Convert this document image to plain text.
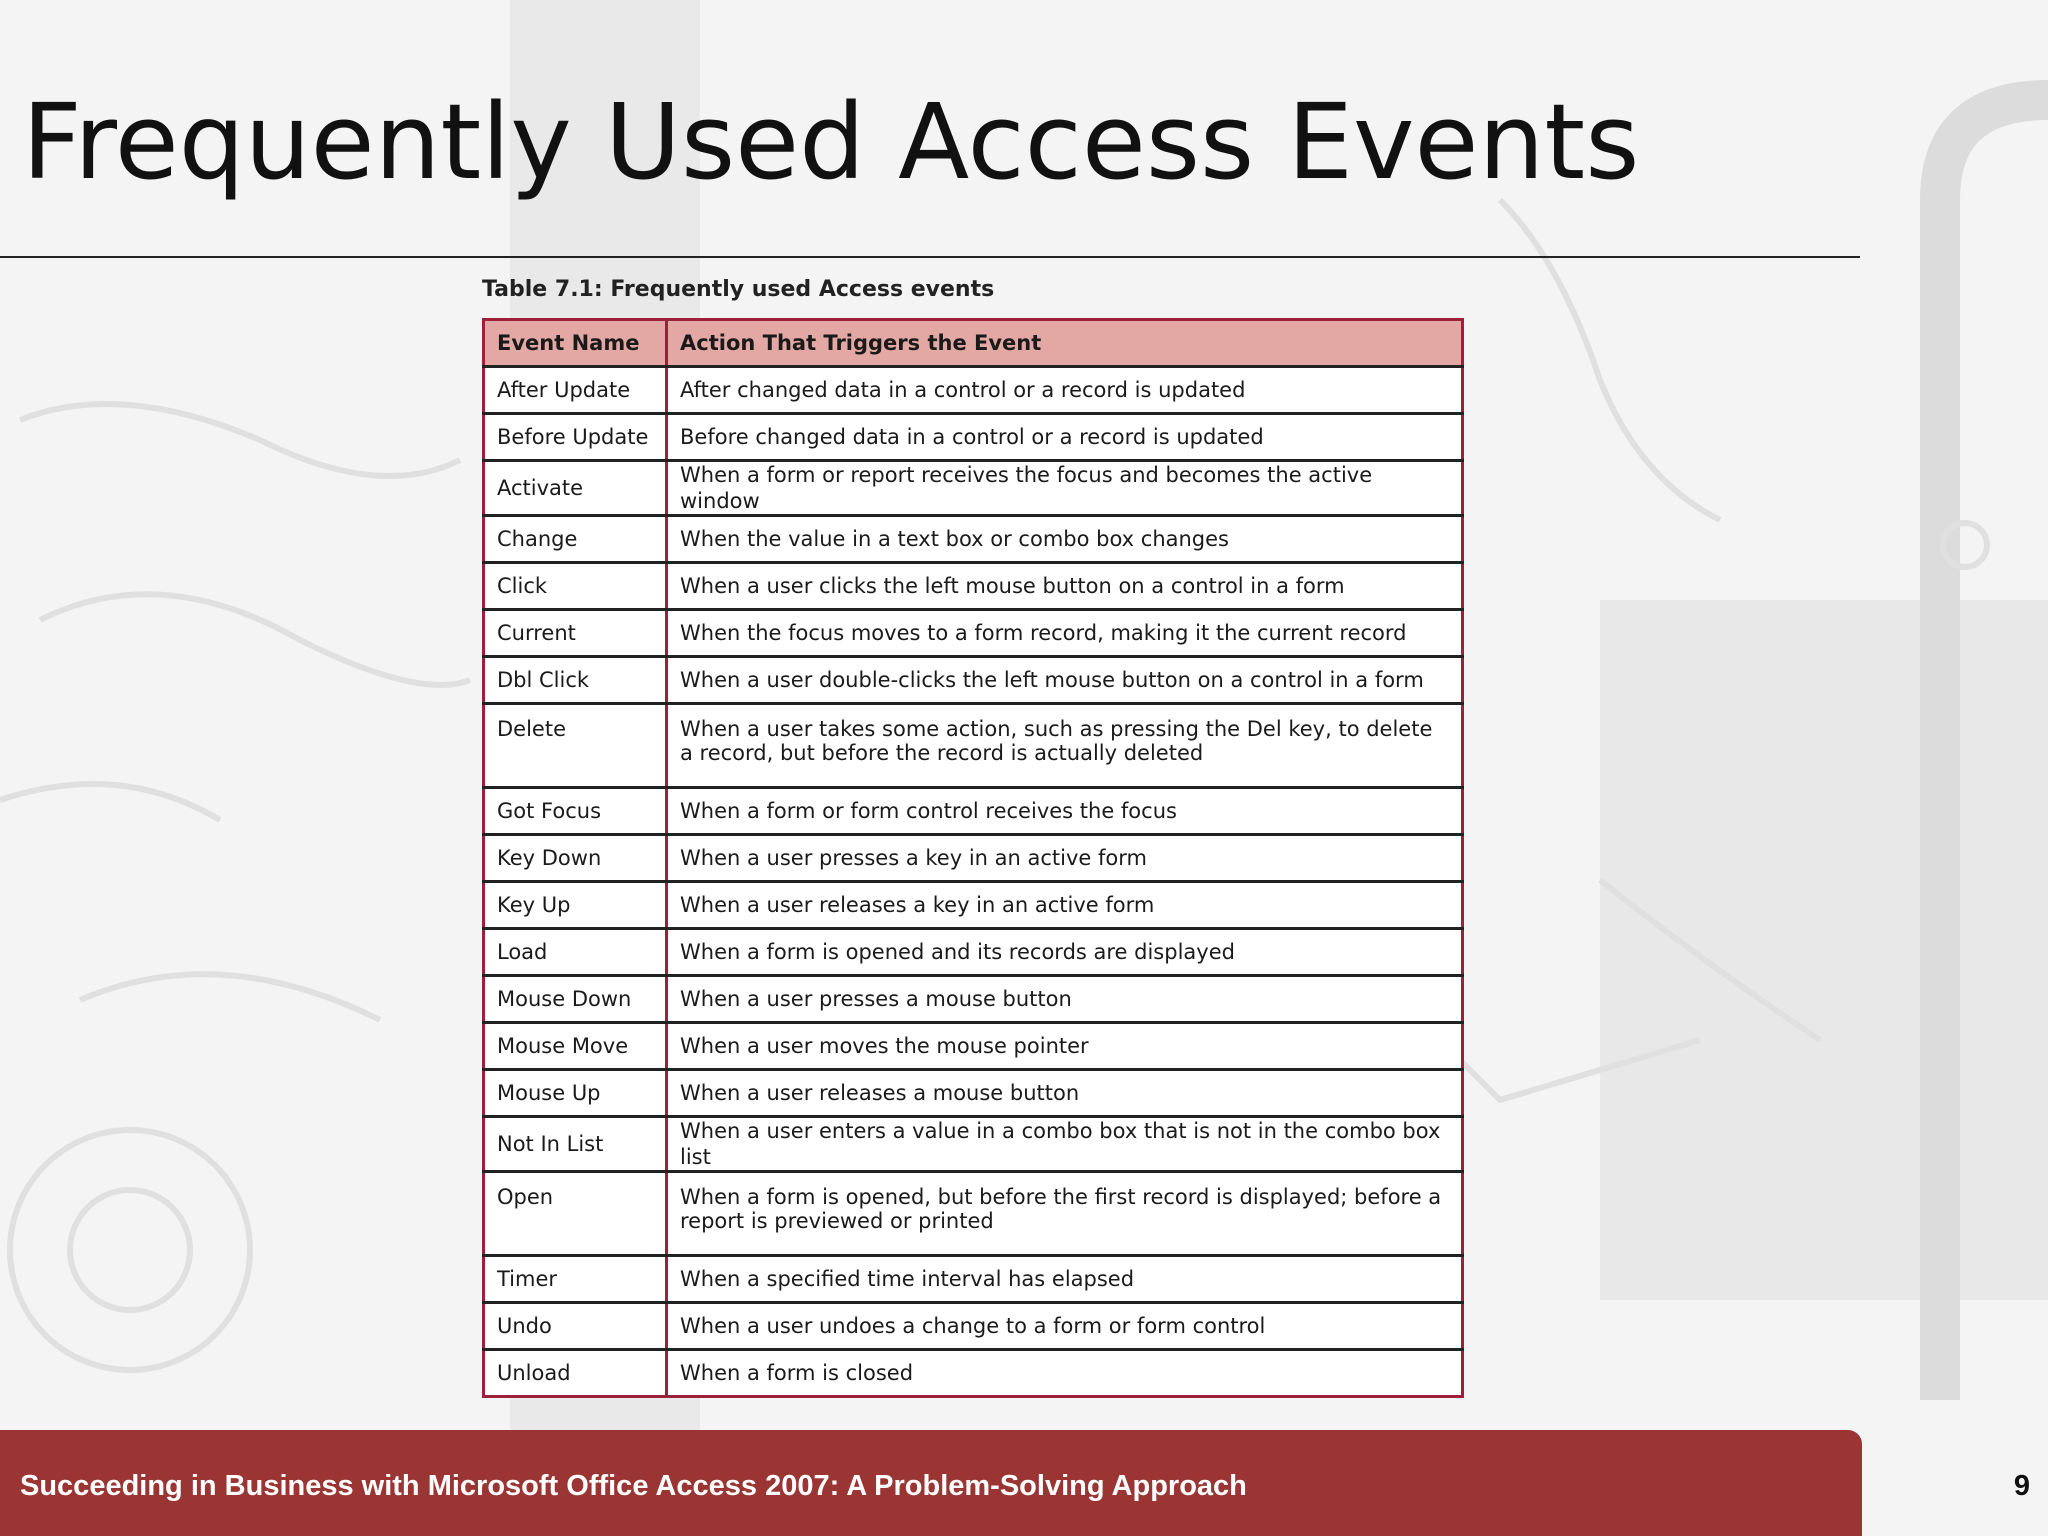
Frequently Used Access Events

Table 7.1: Frequently used Access events

Event Name	Action That Triggers the Event
After Update	After changed data in a control or a record is updated
Before Update	Before changed data in a control or a record is updated
Activate	When a form or report receives the focus and becomes the active window
Change	When the value in a text box or combo box changes
Click	When a user clicks the left mouse button on a control in a form
Current	When the focus moves to a form record, making it the current record
Dbl Click	When a user double-clicks the left mouse button on a control in a form
Delete	When a user takes some action, such as pressing the Del key, to delete a record, but before the record is actually deleted
Got Focus	When a form or form control receives the focus
Key Down	When a user presses a key in an active form
Key Up	When a user releases a key in an active form
Load	When a form is opened and its records are displayed
Mouse Down	When a user presses a mouse button
Mouse Move	When a user moves the mouse pointer
Mouse Up	When a user releases a mouse button
Not In List	When a user enters a value in a combo box that is not in the combo box list
Open	When a form is opened, but before the first record is displayed; before a report is previewed or printed
Timer	When a specified time interval has elapsed
Undo	When a user undoes a change to a form or form control
Unload	When a form is closed
Succeeding in Business with Microsoft Office Access 2007: A Problem-Solving Approach	9
